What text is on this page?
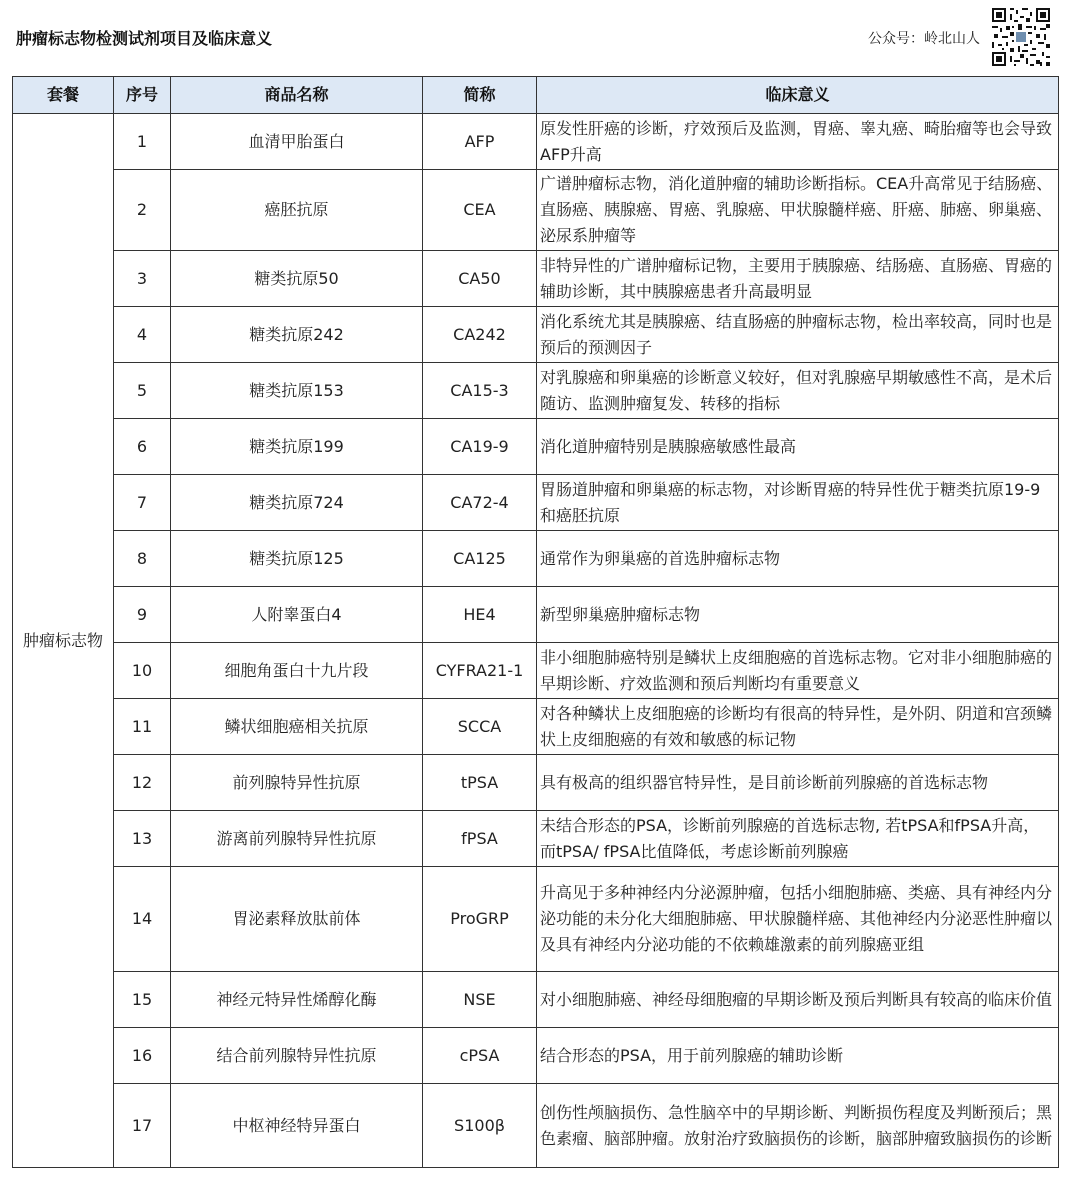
肿瘤标志物检测试剂项目及临床意义	公众号：岭北山人
套餐	序号	商品名称	简称	临床意义
肿瘤标志物	1	血清甲胎蛋白	AFP	原发性肝癌的诊断，疗效预后及监测，胃癌、睾丸癌、畸胎瘤等也会导致AFP升高
	2	癌胚抗原	CEA	广谱肿瘤标志物，消化道肿瘤的辅助诊断指标。CEA升高常见于结肠癌、直肠癌、胰腺癌、胃癌、乳腺癌、甲状腺髓样癌、肝癌、肺癌、卵巢癌、泌尿系肿瘤等
	3	糖类抗原50	CA50	非特异性的广谱肿瘤标记物，主要用于胰腺癌、结肠癌、直肠癌、胃癌的辅助诊断，其中胰腺癌患者升高最明显
	4	糖类抗原242	CA242	消化系统尤其是胰腺癌、结直肠癌的肿瘤标志物，检出率较高，同时也是预后的预测因子
	5	糖类抗原153	CA15-3	对乳腺癌和卵巢癌的诊断意义较好，但对乳腺癌早期敏感性不高，是术后随访、监测肿瘤复发、转移的指标
	6	糖类抗原199	CA19-9	消化道肿瘤特别是胰腺癌敏感性最高
	7	糖类抗原724	CA72-4	胃肠道肿瘤和卵巢癌的标志物，对诊断胃癌的特异性优于糖类抗原19-9和癌胚抗原
	8	糖类抗原125	CA125	通常作为卵巢癌的首选肿瘤标志物
	9	人附睾蛋白4	HE4	新型卵巢癌肿瘤标志物
	10	细胞角蛋白十九片段	CYFRA21-1	非小细胞肺癌特别是鳞状上皮细胞癌的首选标志物。它对非小细胞肺癌的早期诊断、疗效监测和预后判断均有重要意义
	11	鳞状细胞癌相关抗原	SCCA	对各种鳞状上皮细胞癌的诊断均有很高的特异性，是外阴、阴道和宫颈鳞状上皮细胞癌的有效和敏感的标记物
	12	前列腺特异性抗原	tPSA	具有极高的组织器官特异性，是目前诊断前列腺癌的首选标志物
	13	游离前列腺特异性抗原	fPSA	未结合形态的PSA，诊断前列腺癌的首选标志物, 若tPSA和fPSA升高，而tPSA/ fPSA比值降低，考虑诊断前列腺癌
	14	胃泌素释放肽前体	ProGRP	升高见于多种神经内分泌源肿瘤，包括小细胞肺癌、类癌、具有神经内分泌功能的未分化大细胞肺癌、甲状腺髓样癌、其他神经内分泌恶性肿瘤以及具有神经内分泌功能的不依赖雄激素的前列腺癌亚组
	15	神经元特异性烯醇化酶	NSE	对小细胞肺癌、神经母细胞瘤的早期诊断及预后判断具有较高的临床价值
	16	结合前列腺特异性抗原	cPSA	结合形态的PSA，用于前列腺癌的辅助诊断
	17	中枢神经特异蛋白	S100β	创伤性颅脑损伤、急性脑卒中的早期诊断、判断损伤程度及判断预后；黑色素瘤、脑部肿瘤。放射治疗致脑损伤的诊断，脑部肿瘤致脑损伤的诊断
